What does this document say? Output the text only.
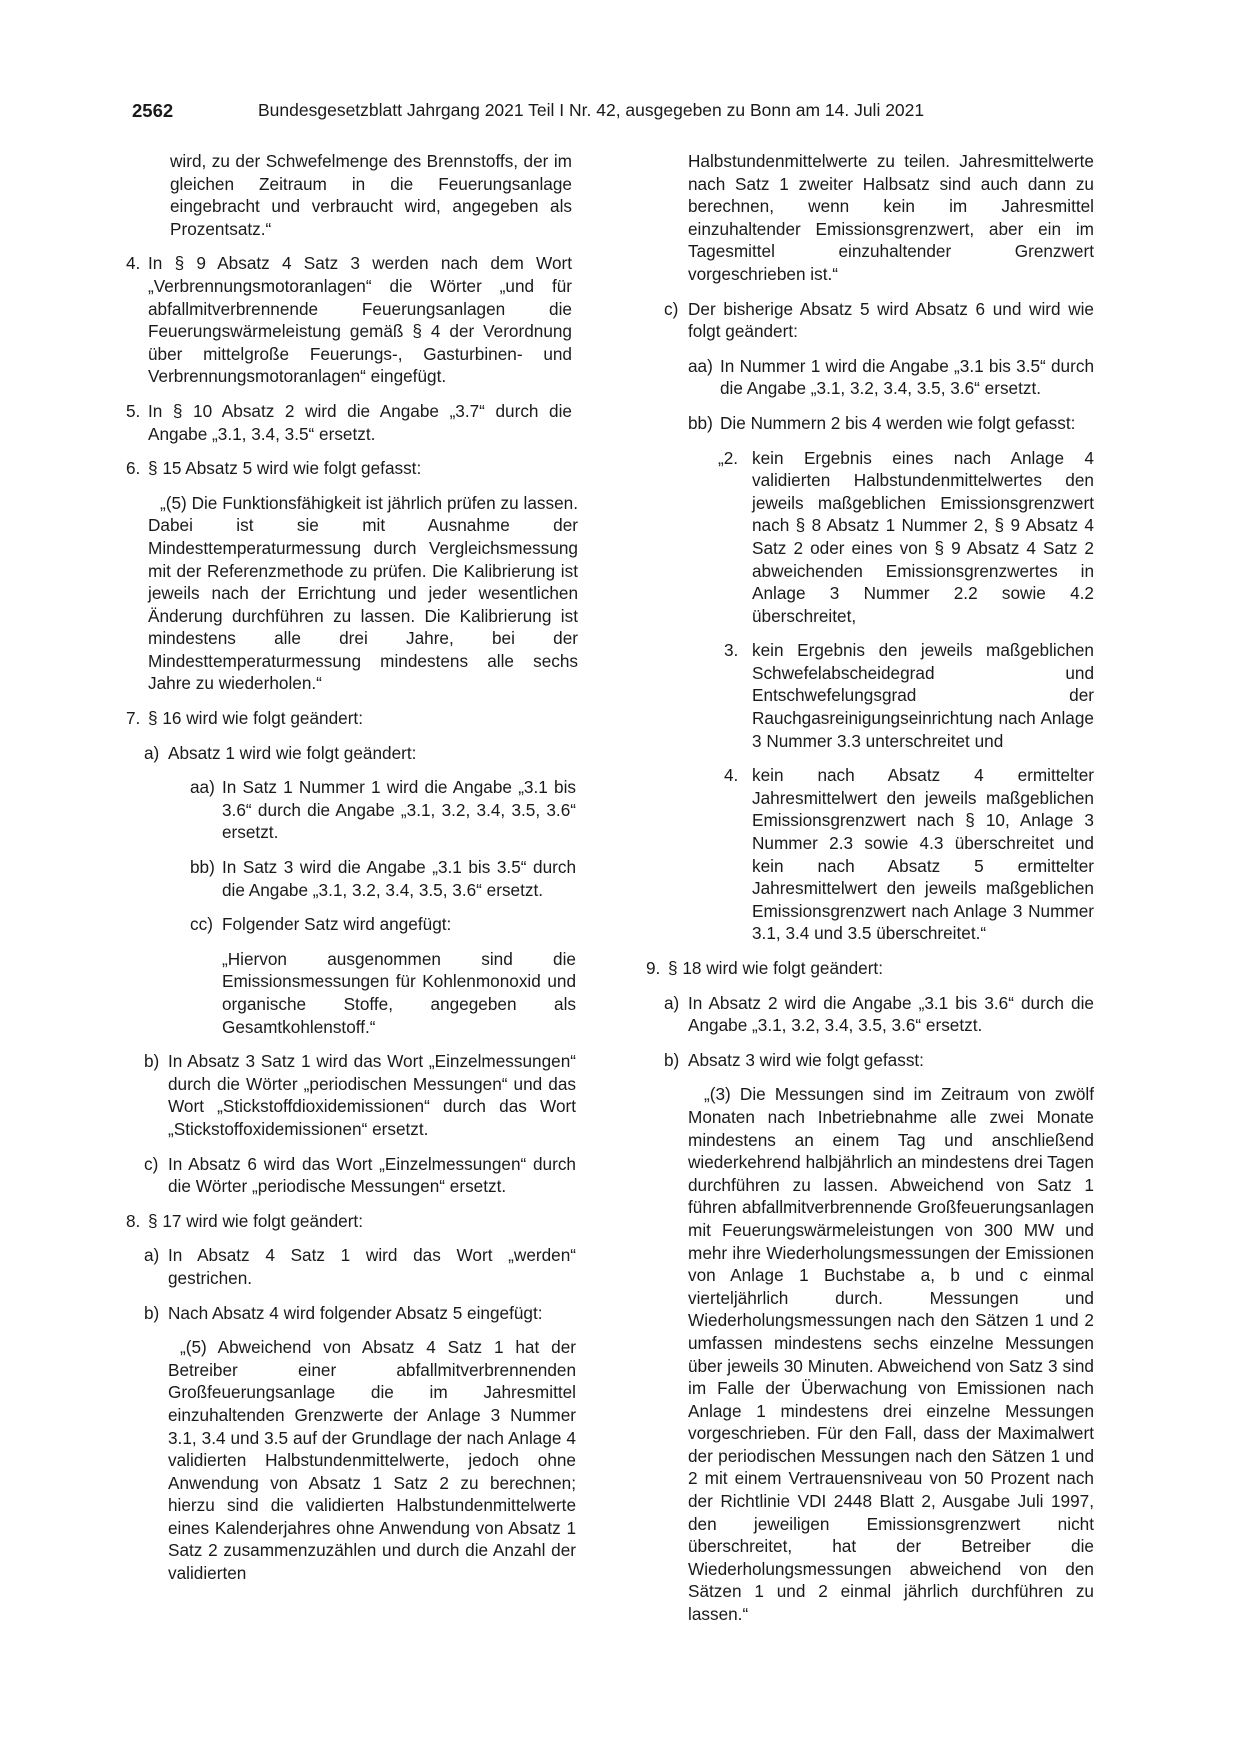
2562	Bundesgesetzblatt Jahrgang 2021 Teil I Nr. 42, ausgegeben zu Bonn am 14. Juli 2021
wird, zu der Schwefelmenge des Brennstoffs, der im gleichen Zeitraum in die Feuerungsanlage eingebracht und verbraucht wird, angegeben als Prozentsatz.“
4. In § 9 Absatz 4 Satz 3 werden nach dem Wort „Verbrennungsmotoranlagen“ die Wörter „und für abfallmitverbrennende Feuerungsanlagen die Feuerungswärmeleistung gemäß § 4 der Verordnung über mittelgroße Feuerungs-, Gasturbinen- und Verbrennungsmotoranlagen“ eingefügt.
5. In § 10 Absatz 2 wird die Angabe „3.7“ durch die Angabe „3.1, 3.4, 3.5“ ersetzt.
6. § 15 Absatz 5 wird wie folgt gefasst:
„(5) Die Funktionsfähigkeit ist jährlich prüfen zu lassen. Dabei ist sie mit Ausnahme der Mindesttemperaturmessung durch Vergleichsmessung mit der Referenzmethode zu prüfen. Die Kalibrierung ist jeweils nach der Errichtung und jeder wesentlichen Änderung durchführen zu lassen. Die Kalibrierung ist mindestens alle drei Jahre, bei der Mindesttemperaturmessung mindestens alle sechs Jahre zu wiederholen.“
7. § 16 wird wie folgt geändert:
a) Absatz 1 wird wie folgt geändert:
aa) In Satz 1 Nummer 1 wird die Angabe „3.1 bis 3.6“ durch die Angabe „3.1, 3.2, 3.4, 3.5, 3.6“ ersetzt.
bb) In Satz 3 wird die Angabe „3.1 bis 3.5“ durch die Angabe „3.1, 3.2, 3.4, 3.5, 3.6“ ersetzt.
cc) Folgender Satz wird angefügt:
„Hiervon ausgenommen sind die Emissionsmessungen für Kohlenmonoxid und organische Stoffe, angegeben als Gesamtkohlenstoff.“
b) In Absatz 3 Satz 1 wird das Wort „Einzelmessungen“ durch die Wörter „periodischen Messungen“ und das Wort „Stickstoffdioxidemissionen“ durch das Wort „Stickstoffoxidemissionen“ ersetzt.
c) In Absatz 6 wird das Wort „Einzelmessungen“ durch die Wörter „periodische Messungen“ ersetzt.
8. § 17 wird wie folgt geändert:
a) In Absatz 4 Satz 1 wird das Wort „werden“ gestrichen.
b) Nach Absatz 4 wird folgender Absatz 5 eingefügt:
„(5) Abweichend von Absatz 4 Satz 1 hat der Betreiber einer abfallmitverbrennenden Großfeuerungsanlage die im Jahresmittel einzuhaltenden Grenzwerte der Anlage 3 Nummer 3.1, 3.4 und 3.5 auf der Grundlage der nach Anlage 4 validierten Halbstundenmittelwerte, jedoch ohne Anwendung von Absatz 1 Satz 2 zu berechnen; hierzu sind die validierten Halbstundenmittelwerte eines Kalenderjahres ohne Anwendung von Absatz 1 Satz 2 zusammenzuzählen und durch die Anzahl der validierten
Halbstundenmittelwerte zu teilen. Jahresmittelwerte nach Satz 1 zweiter Halbsatz sind auch dann zu berechnen, wenn kein im Jahresmittel einzuhaltender Emissionsgrenzwert, aber ein im Tagesmittel einzuhaltender Grenzwert vorgeschrieben ist.“
c) Der bisherige Absatz 5 wird Absatz 6 und wird wie folgt geändert:
aa) In Nummer 1 wird die Angabe „3.1 bis 3.5“ durch die Angabe „3.1, 3.2, 3.4, 3.5, 3.6“ ersetzt.
bb) Die Nummern 2 bis 4 werden wie folgt gefasst:
„2. kein Ergebnis eines nach Anlage 4 validierten Halbstundenmittelwertes den jeweils maßgeblichen Emissionsgrenzwert nach § 8 Absatz 1 Nummer 2, § 9 Absatz 4 Satz 2 oder eines von § 9 Absatz 4 Satz 2 abweichenden Emissionsgrenzwertes in Anlage 3 Nummer 2.2 sowie 4.2 überschreitet,
3. kein Ergebnis den jeweils maßgeblichen Schwefelabscheidegrad und Entschwefelungsgrad der Rauchgasreinigungseinrichtung nach Anlage 3 Nummer 3.3 unterschreitet und
4. kein nach Absatz 4 ermittelter Jahresmittelwert den jeweils maßgeblichen Emissionsgrenzwert nach § 10, Anlage 3 Nummer 2.3 sowie 4.3 überschreitet und kein nach Absatz 5 ermittelter Jahresmittelwert den jeweils maßgeblichen Emissionsgrenzwert nach Anlage 3 Nummer 3.1, 3.4 und 3.5 überschreitet.“
9. § 18 wird wie folgt geändert:
a) In Absatz 2 wird die Angabe „3.1 bis 3.6“ durch die Angabe „3.1, 3.2, 3.4, 3.5, 3.6“ ersetzt.
b) Absatz 3 wird wie folgt gefasst:
„(3) Die Messungen sind im Zeitraum von zwölf Monaten nach Inbetriebnahme alle zwei Monate mindestens an einem Tag und anschließend wiederkehrend halbjährlich an mindestens drei Tagen durchführen zu lassen. Abweichend von Satz 1 führen abfallmitverbrennende Großfeuerungsanlagen mit Feuerungswärmeleistungen von 300 MW und mehr ihre Wiederholungsmessungen der Emissionen von Anlage 1 Buchstabe a, b und c einmal vierteljährlich durch. Messungen und Wiederholungsmessungen nach den Sätzen 1 und 2 umfassen mindestens sechs einzelne Messungen über jeweils 30 Minuten. Abweichend von Satz 3 sind im Falle der Überwachung von Emissionen nach Anlage 1 mindestens drei einzelne Messungen vorgeschrieben. Für den Fall, dass der Maximalwert der periodischen Messungen nach den Sätzen 1 und 2 mit einem Vertrauensniveau von 50 Prozent nach der Richtlinie VDI 2448 Blatt 2, Ausgabe Juli 1997, den jeweiligen Emissionsgrenzwert nicht überschreitet, hat der Betreiber die Wiederholungsmessungen abweichend von den Sätzen 1 und 2 einmal jährlich durchführen zu lassen.“
